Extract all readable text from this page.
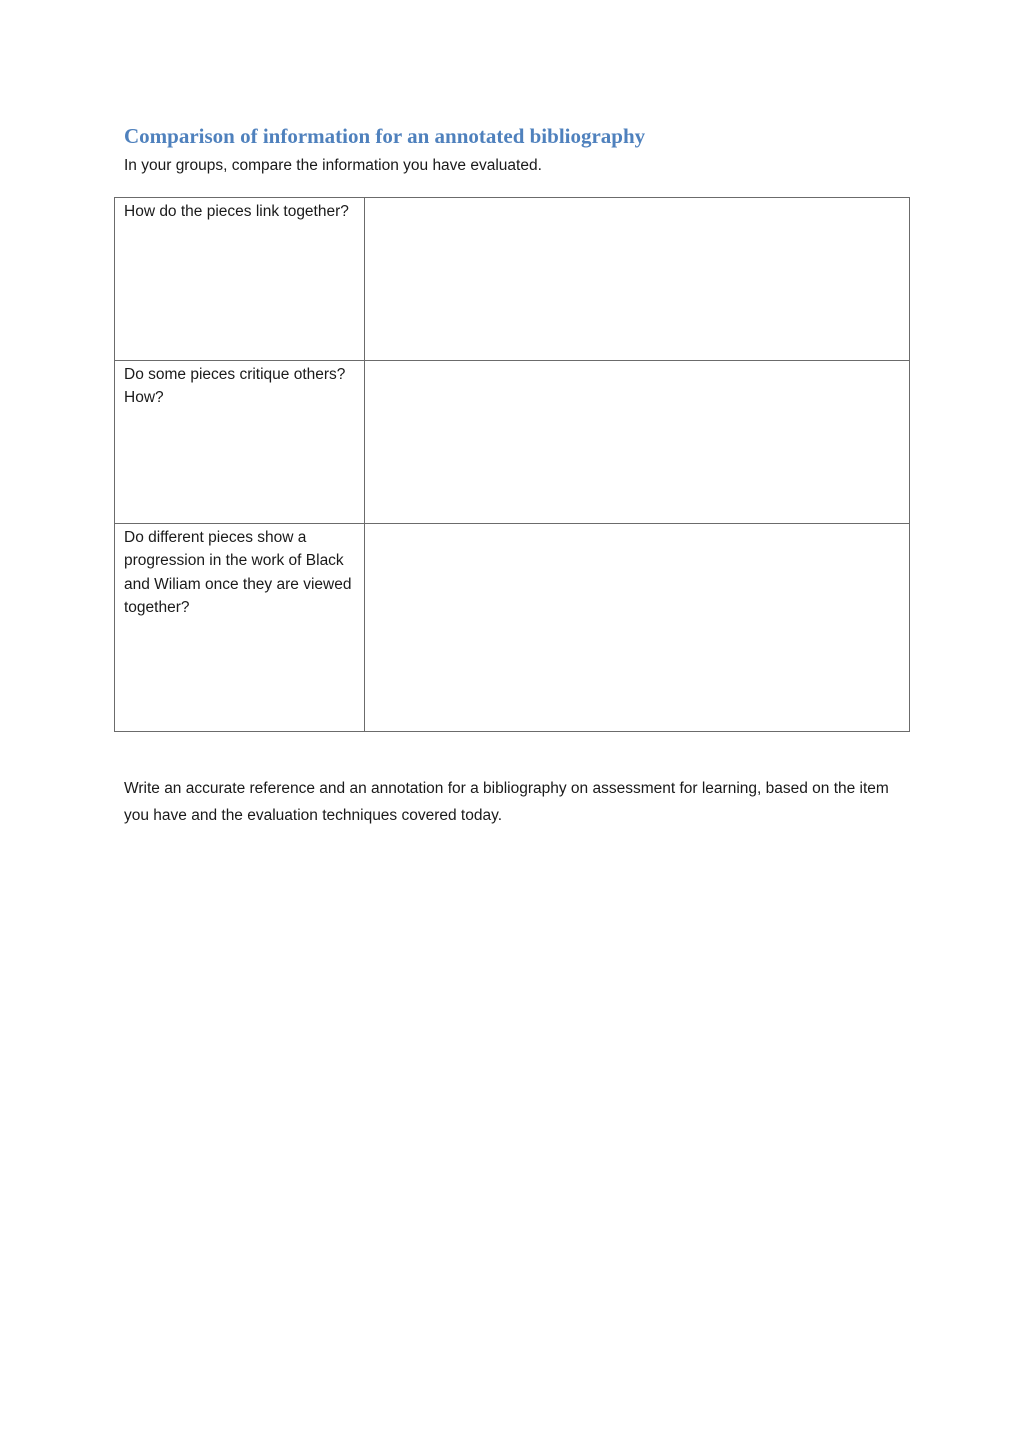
Comparison of information for an annotated bibliography
In your groups, compare the information you have evaluated.
How do the pieces link together?	

Do some pieces critique others? How?	

Do different pieces show a progression in the work of Black and Wiliam once they are viewed together?	

Write an accurate reference and an annotation for a bibliography on assessment for learning, based on the item you have and the evaluation techniques covered today.
